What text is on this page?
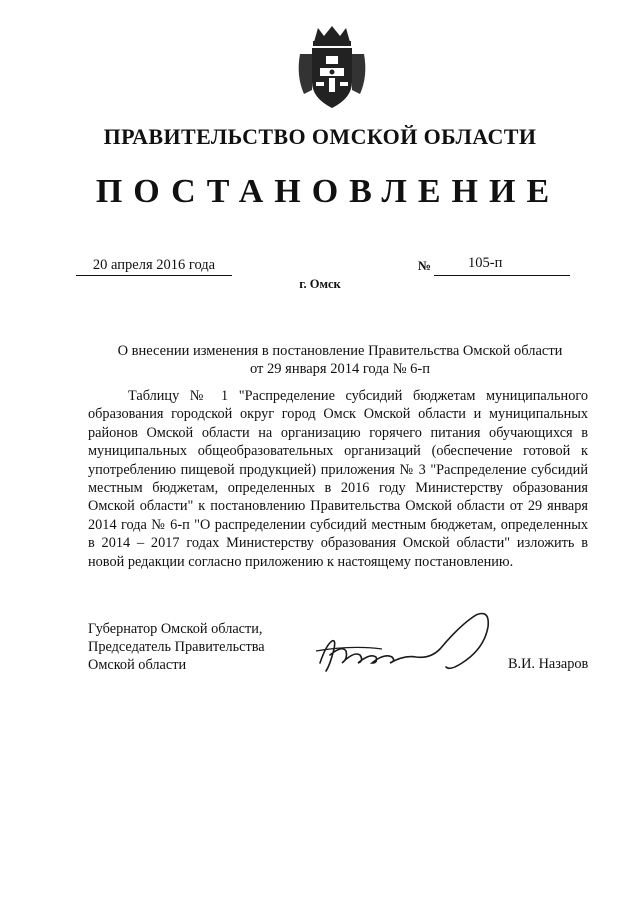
ПРАВИТЕЛЬСТВО ОМСКОЙ ОБЛАСТИ
ПОСТАНОВЛЕНИЕ
20 апреля 2016 года	№	105-п
г. Омск
О внесении изменения в постановление Правительства Омской области
от 29 января 2014 года № 6-п
Таблицу № 1 "Распределение субсидий бюджетам муниципального образования городской округ город Омск Омской области и муниципальных районов Омской области на организацию горячего питания обучающихся в муниципальных общеобразовательных организаций (обеспечение готовой к употреблению пищевой продукцией) приложения № 3 "Распределение субсидий местным бюджетам, определенных в 2016 году Министерству образования Омской области" к постановлению Правительства Омской области от 29 января 2014 года № 6-п "О распределении субсидий местным бюджетам, определенных в 2014 – 2017 годах Министерству образования Омской области" изложить в новой редакции согласно приложению к настоящему постановлению.
Губернатор Омской области,
Председатель Правительства
Омской области	В.И. Назаров
